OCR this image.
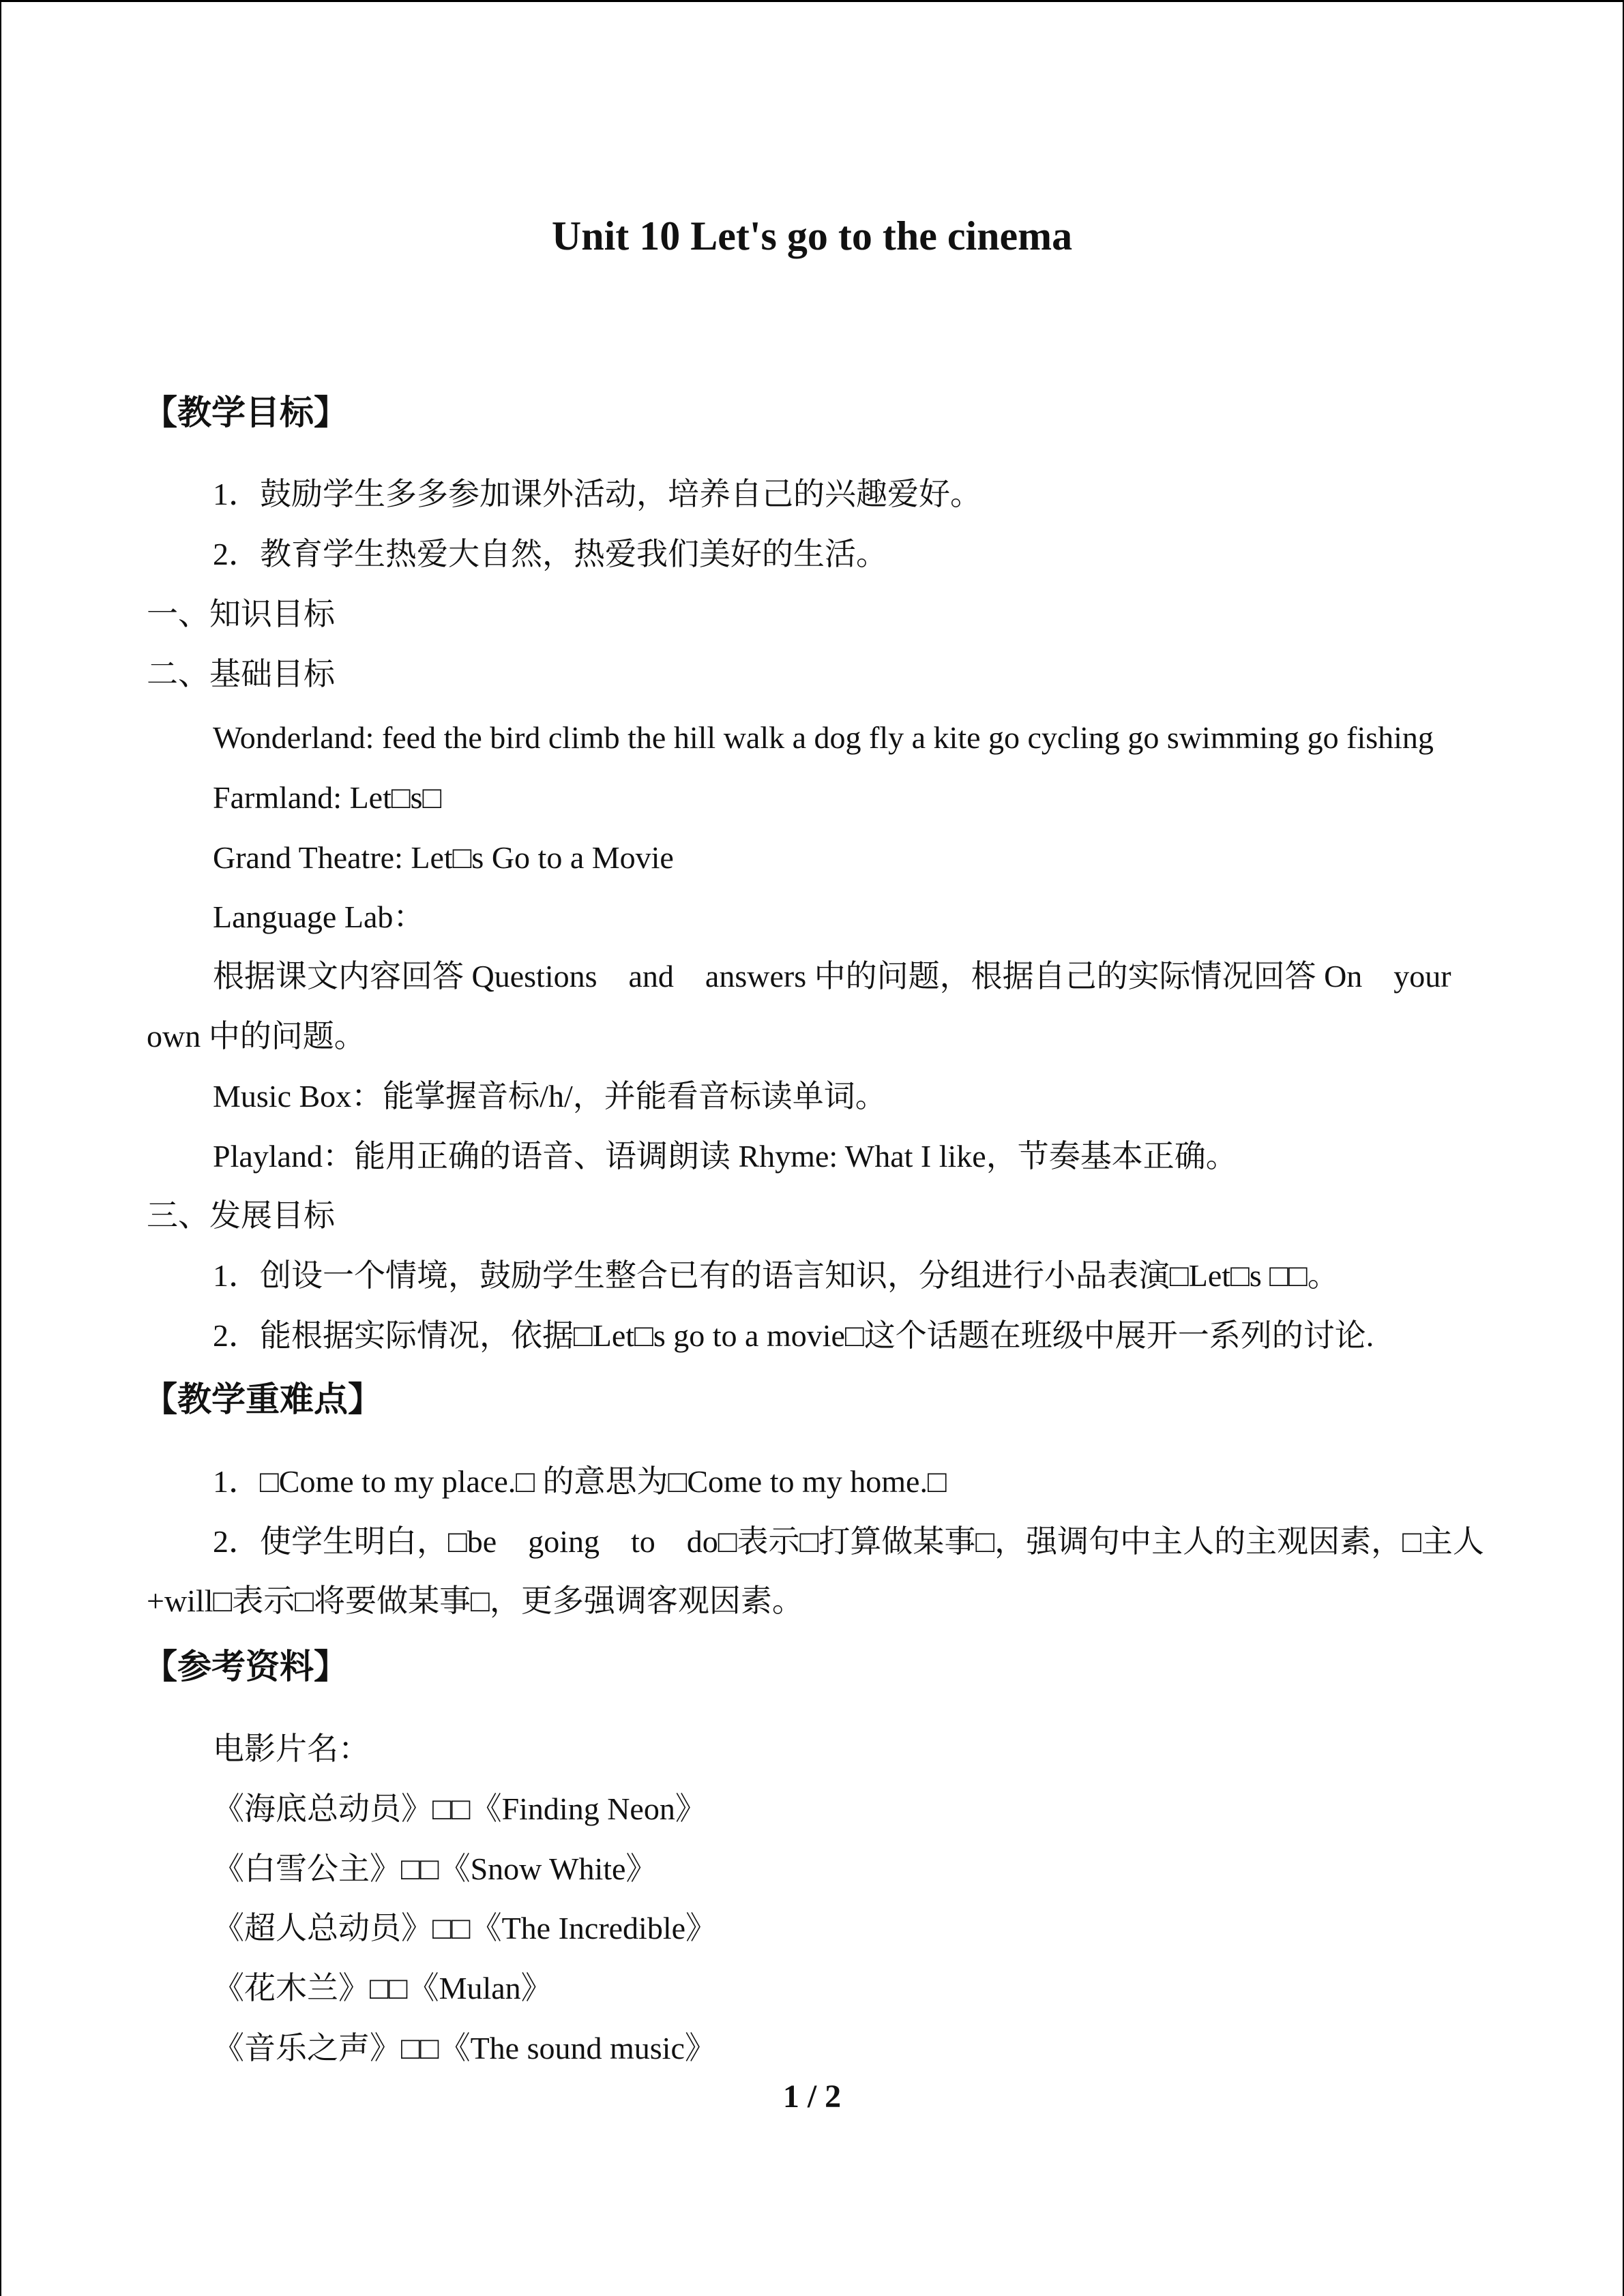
Unit 10 Let's go to the cinema
【教学目标】
1．鼓励学生多多参加课外活动，培养自己的兴趣爱好。
2．教育学生热爱大自然，热爱我们美好的生活。
一、知识目标
二、基础目标
Wonderland: feed the bird climb the hill walk a dog fly a kite go cycling go swimming go fishing
Farmland: Let□s□
Grand Theatre: Let□s Go to a Movie
Language Lab：
根据课文内容回答 Questions　and　answers 中的问题，根据自己的实际情况回答 On　your
own 中的问题。
Music Box：能掌握音标/h/，并能看音标读单词。
Playland：能用正确的语音、语调朗读 Rhyme: What I like，节奏基本正确。
三、发展目标
1．创设一个情境，鼓励学生整合已有的语言知识，分组进行小品表演□Let□s □□。
2．能根据实际情况，依据□Let□s go to a movie□这个话题在班级中展开一系列的讨论.
【教学重难点】
1．□Come to my place.□ 的意思为□Come to my home.□
2．使学生明白，□be　going　to　do□表示□打算做某事□，强调句中主人的主观因素，□主人
+will□表示□将要做某事□，更多强调客观因素。
【参考资料】
电影片名：
《海底总动员》□□《Finding Neon》
《白雪公主》□□《Snow White》
《超人总动员》□□《The Incredible》
《花木兰》□□《Mulan》
《音乐之声》□□《The sound music》
1 / 2
